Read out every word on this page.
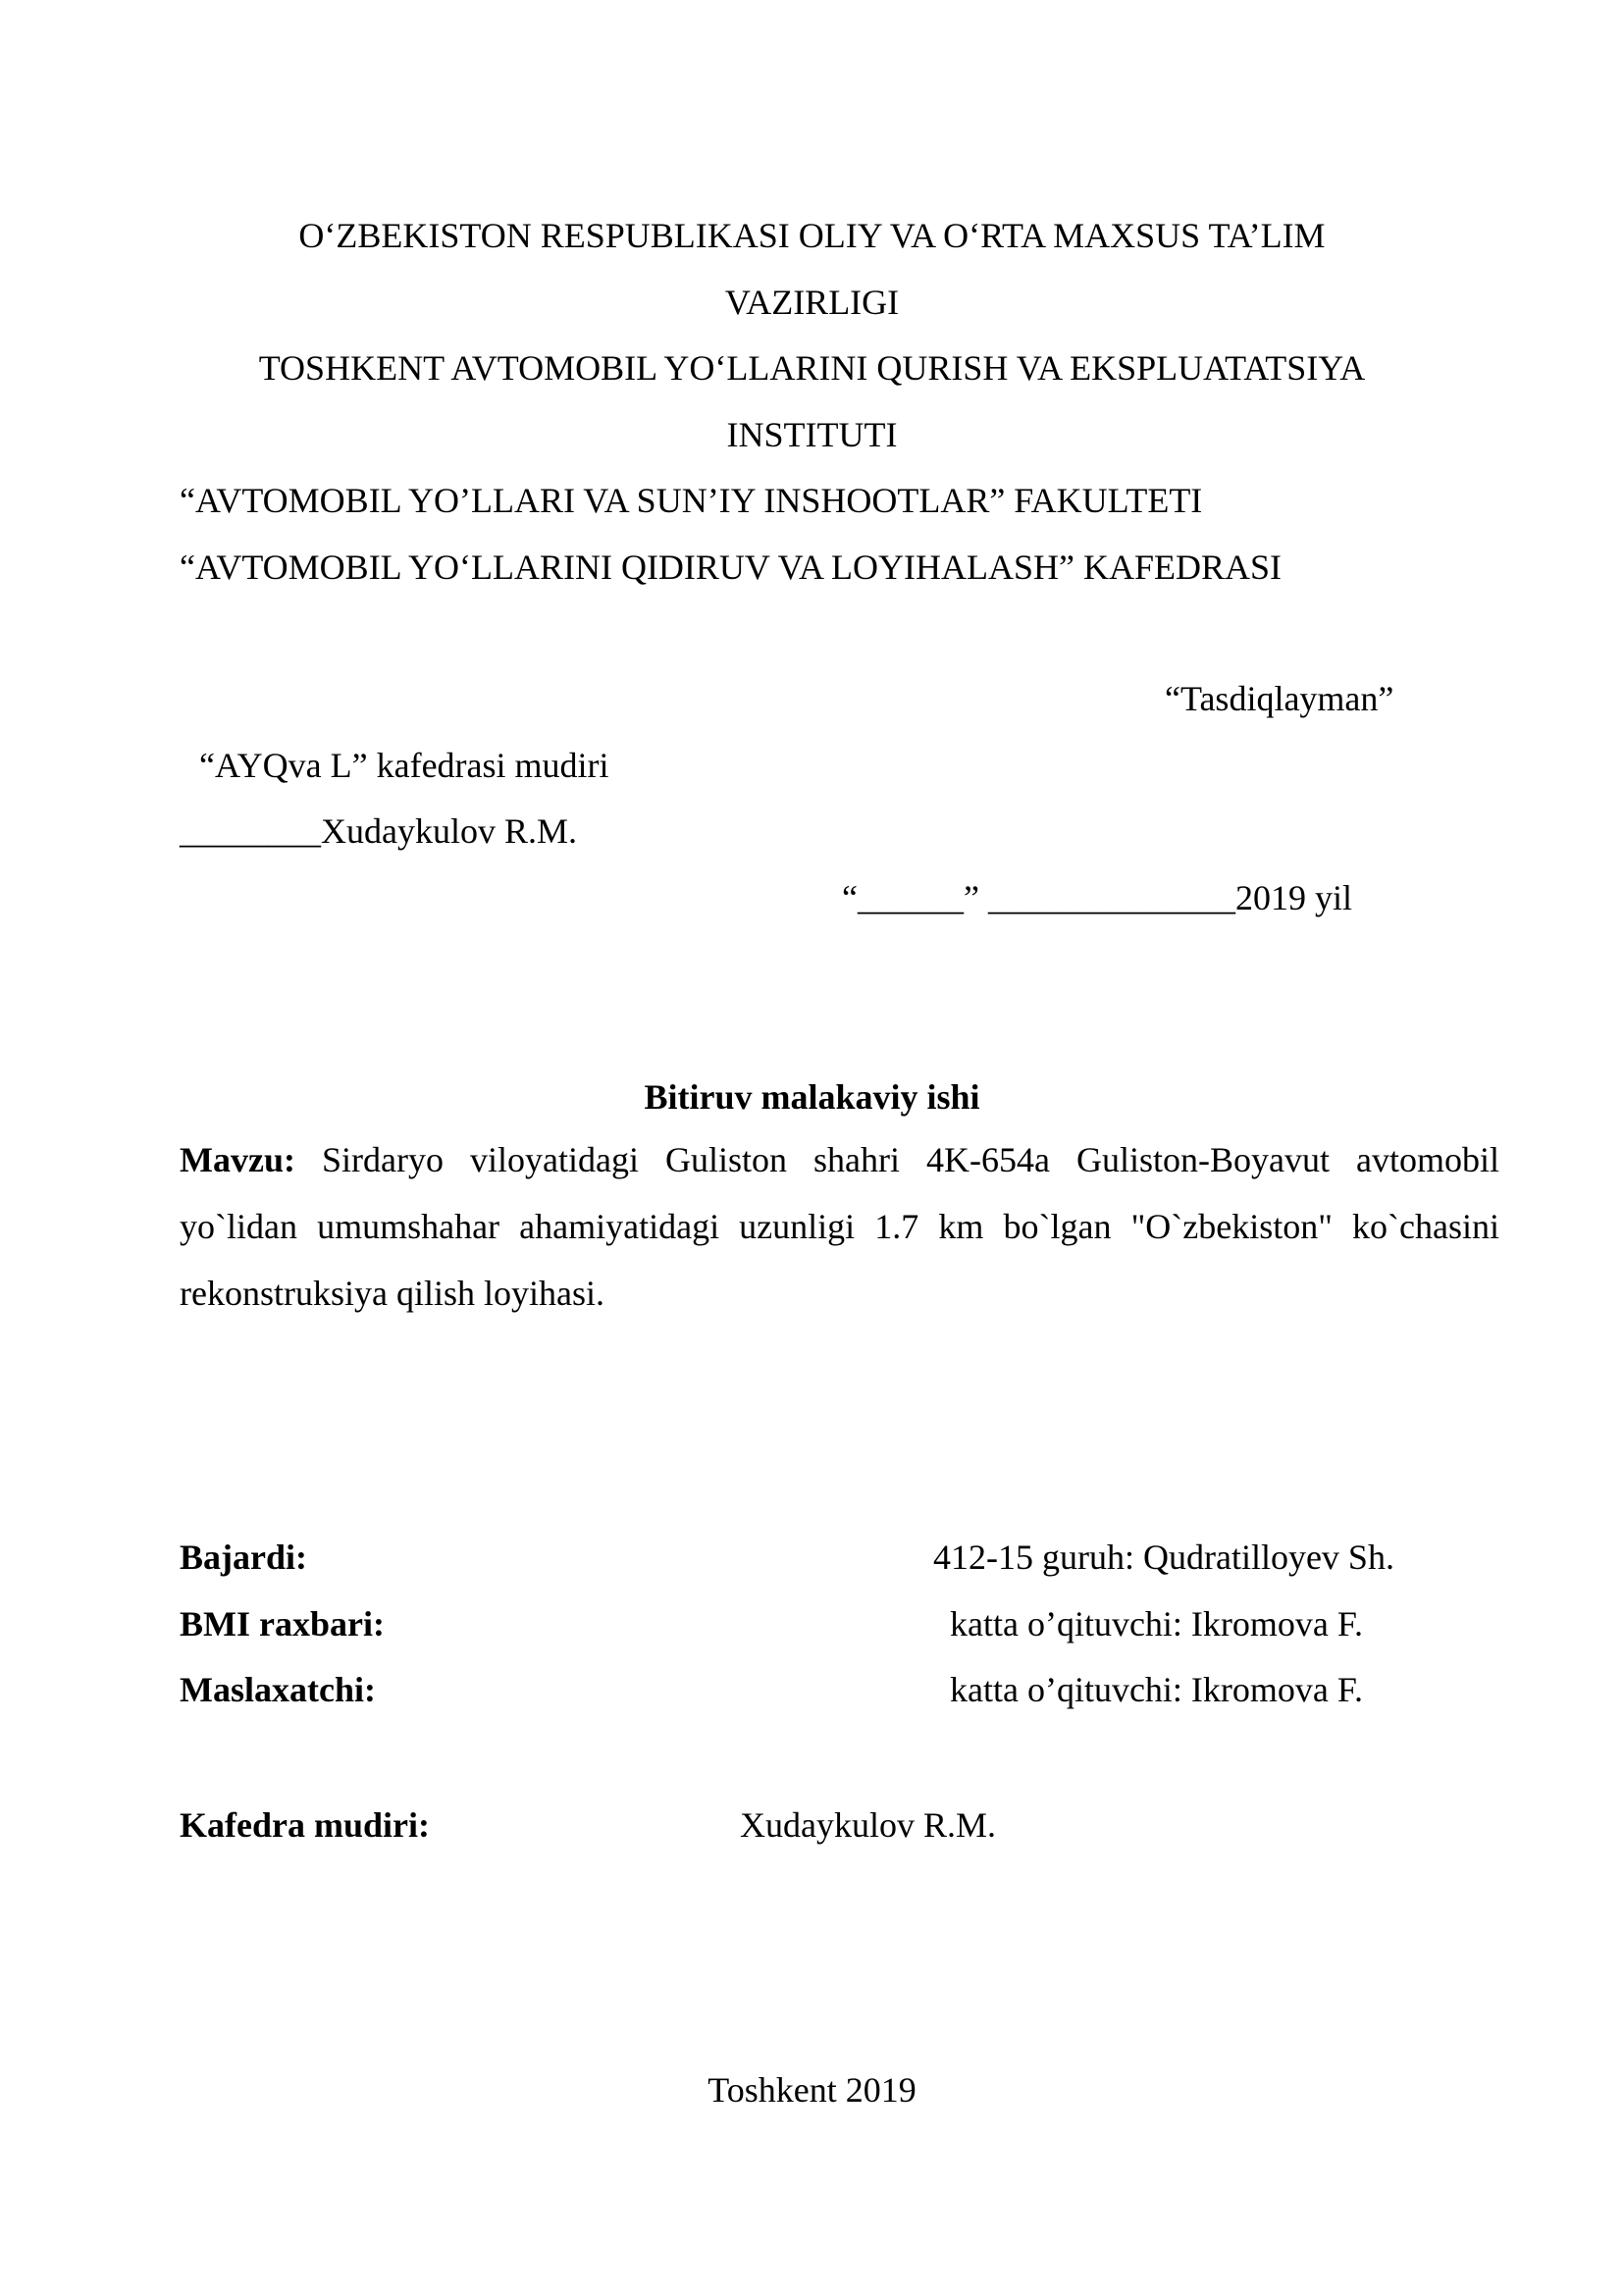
O‘ZBEKISTON RESPUBLIKASI OLIY VA O‘RTA MAXSUS TA’LIM
VAZIRLIGI
TOSHKENT AVTOMOBIL YO‘LLARINI QURISH VA EKSPLUATATSIYA
INSTITUTI
“AVTOMOBIL YO’LLARI VA SUN’IY INSHOOTLAR” FAKULTETI
“AVTOMOBIL YO‘LLARINI QIDIRUV VA LOYIHALASH” KAFEDRASI
“Tasdiqlayman”
“AYQva L” kafedrasi mudiri
________Xudaykulov R.M.
“______” ______________2019 yil
Bitiruv malakaviy ishi
Mavzu: Sirdaryo viloyatidagi Guliston shahri 4K-654a Guliston-Boyavut avtomobil yo`lidan umumshahar ahamiyatidagi uzunligi 1.7 km bo`lgan "O`zbekiston" ko`chasini rekonstruksiya qilish loyihasi.
Bajardi:	412-15 guruh: Qudratilloyev Sh.
BMI raxbari:	katta o’qituvchi: Ikromova F.
Maslaxatchi:	katta o’qituvchi: Ikromova F.
Kafedra mudiri:	Xudaykulov R.M.
Toshkent 2019
